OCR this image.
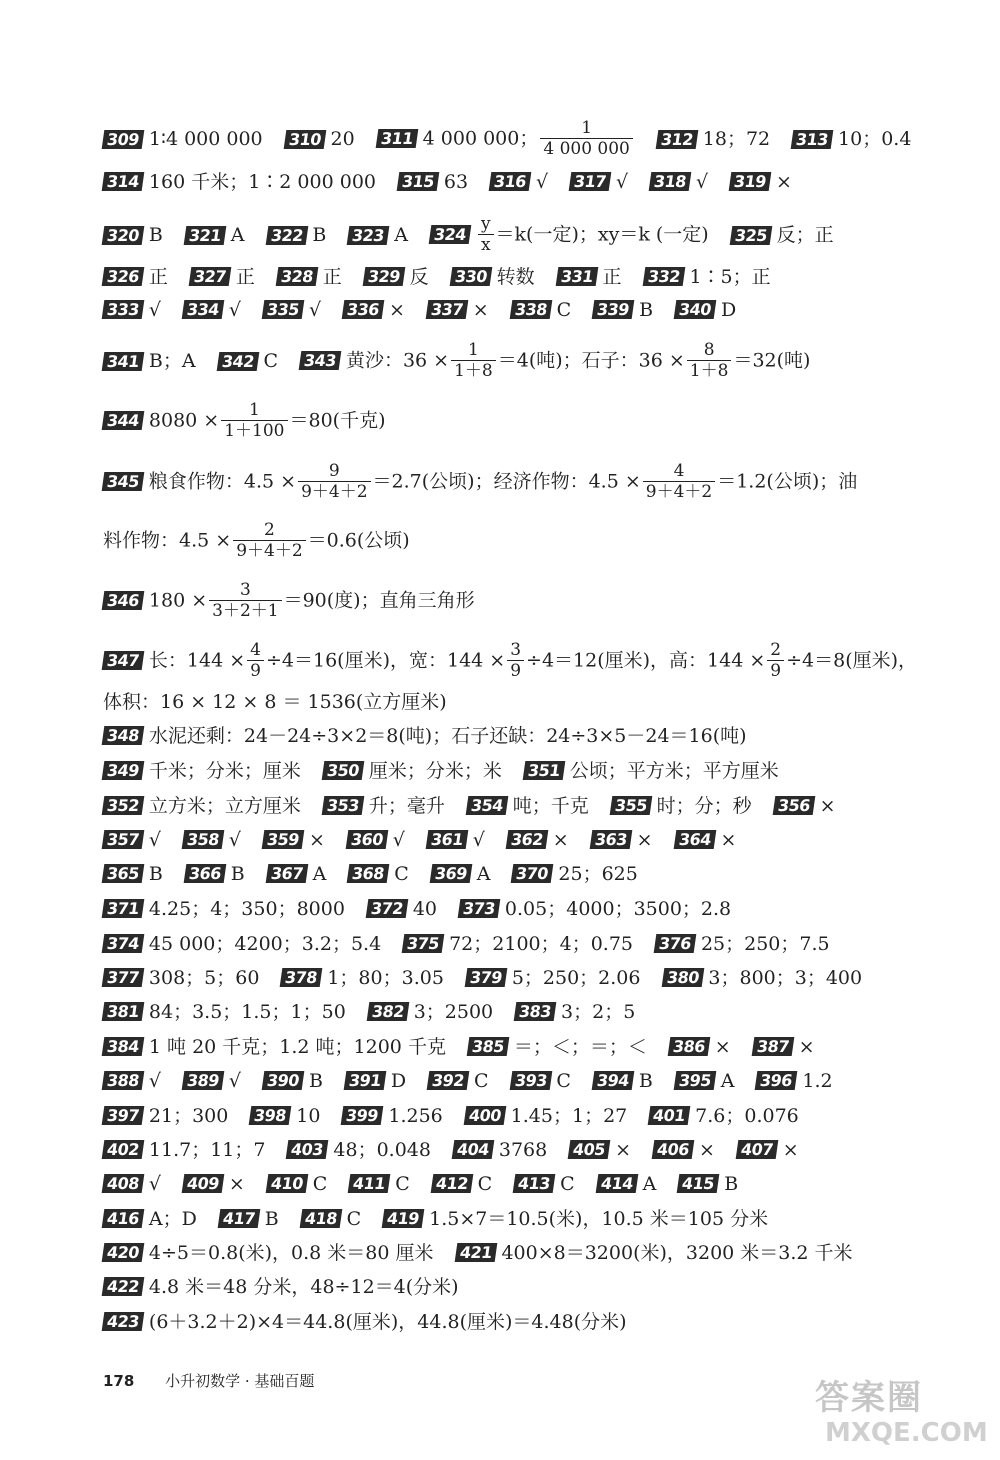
309 1∶4 000 000 310 20 311 4 000 000； $\frac{1}{4 000 000} 312$ 18；72 313 10；0.4
314 160 千米；1∶2 000 000 315 63 316 √ 317 √ 318 √ 319 ×
320 B 321 A 322 B 323 A $324 \frac{y}{x} =k$(一定)；xy＝k (一定) 325 反；正
326 正 327 正 328 正 329 反 330 转数 331 正 332 1∶5；正
333 √ 334 √ 335 √ 336 × 337 × 338 C 339 B 340 D
341 B；A 342 C 343 黄沙：$36 \times \frac{1}{1+8} =4$(吨)；石子：$36 \times \frac{8}{1+8} =32$(吨)
344 $8080 \times \frac{1}{1+100} =80$(千克)
345 粮食作物：$4.5 \times \frac{9}{9+4+2} =2.7$(公顷)；经济作物：$4.5 \times \frac{4}{9+4+2} =1.2$(公顷)；油
料作物：$4.5 \times \frac{2}{9+4+2} =0.6$(公顷)
346 $180 \times \frac{3}{3+2+1} =90$(度)；直角三角形
347 长：$144 \times \frac{4}{9} \div 4=16$(厘米)，宽：$144 \times \frac{3}{9} \div 4=12$(厘米)，高：$144 \times \frac{2}{9} \div 4=8$(厘米)，
体积：16 × 12 × 8 ＝ 1536(立方厘米)
348 水泥还剩：24－24÷3×2＝8(吨)；石子还缺：24÷3×5－24＝16(吨)
349 千米；分米；厘米 350 厘米；分米；米 351 公顷；平方米；平方厘米
352 立方米；立方厘米 353 升；毫升 354 吨；千克 355 时；分；秒 356 ×
357 √ 358 √ 359 × 360 √ 361 √ 362 × 363 × 364 ×
365 B 366 B 367 A 368 C 369 A 370 25；625
371 4.25；4；350；8000 372 40 373 0.05；4000；3500；2.8
374 45 000；4200；3.2；5.4 375 72；2100；4；0.75 376 25；250；7.5
377 308；5；60 378 1；80；3.05 379 5；250；2.06 380 3；800；3；400
381 84；3.5；1.5；1；50 382 3；2500 383 3；2；5
384 1 吨 20 千克；1.2 吨；1200 千克 385 ＝；＜；＝；＜ 386 × 387 ×
388 √ 389 √ 390 B 391 D 392 C 393 C 394 B 395 A 396 1.2
397 21；300 398 10 399 1.256 400 1.45；1；27 401 7.6；0.076
402 11.7；11；7 403 48；0.048 404 3768 405 × 406 × 407 ×
408 √ 409 × 410 C 411 C 412 C 413 C 414 A 415 B
416 A；D 417 B 418 C 419 1.5×7＝10.5(米)，10.5 米＝105 分米
420 4÷5＝0.8(米)，0.8 米＝80 厘米 421 400×8＝3200(米)，3200 米＝3.2 千米
422 4.8 米＝48 分米，48÷12＝4(分米)
423 (6＋3.2＋2)×4＝44.8(厘米)，44.8(厘米)＝4.48(分米)
178 小升初数学 · 基础百题	答案圈
MXQE.COM
